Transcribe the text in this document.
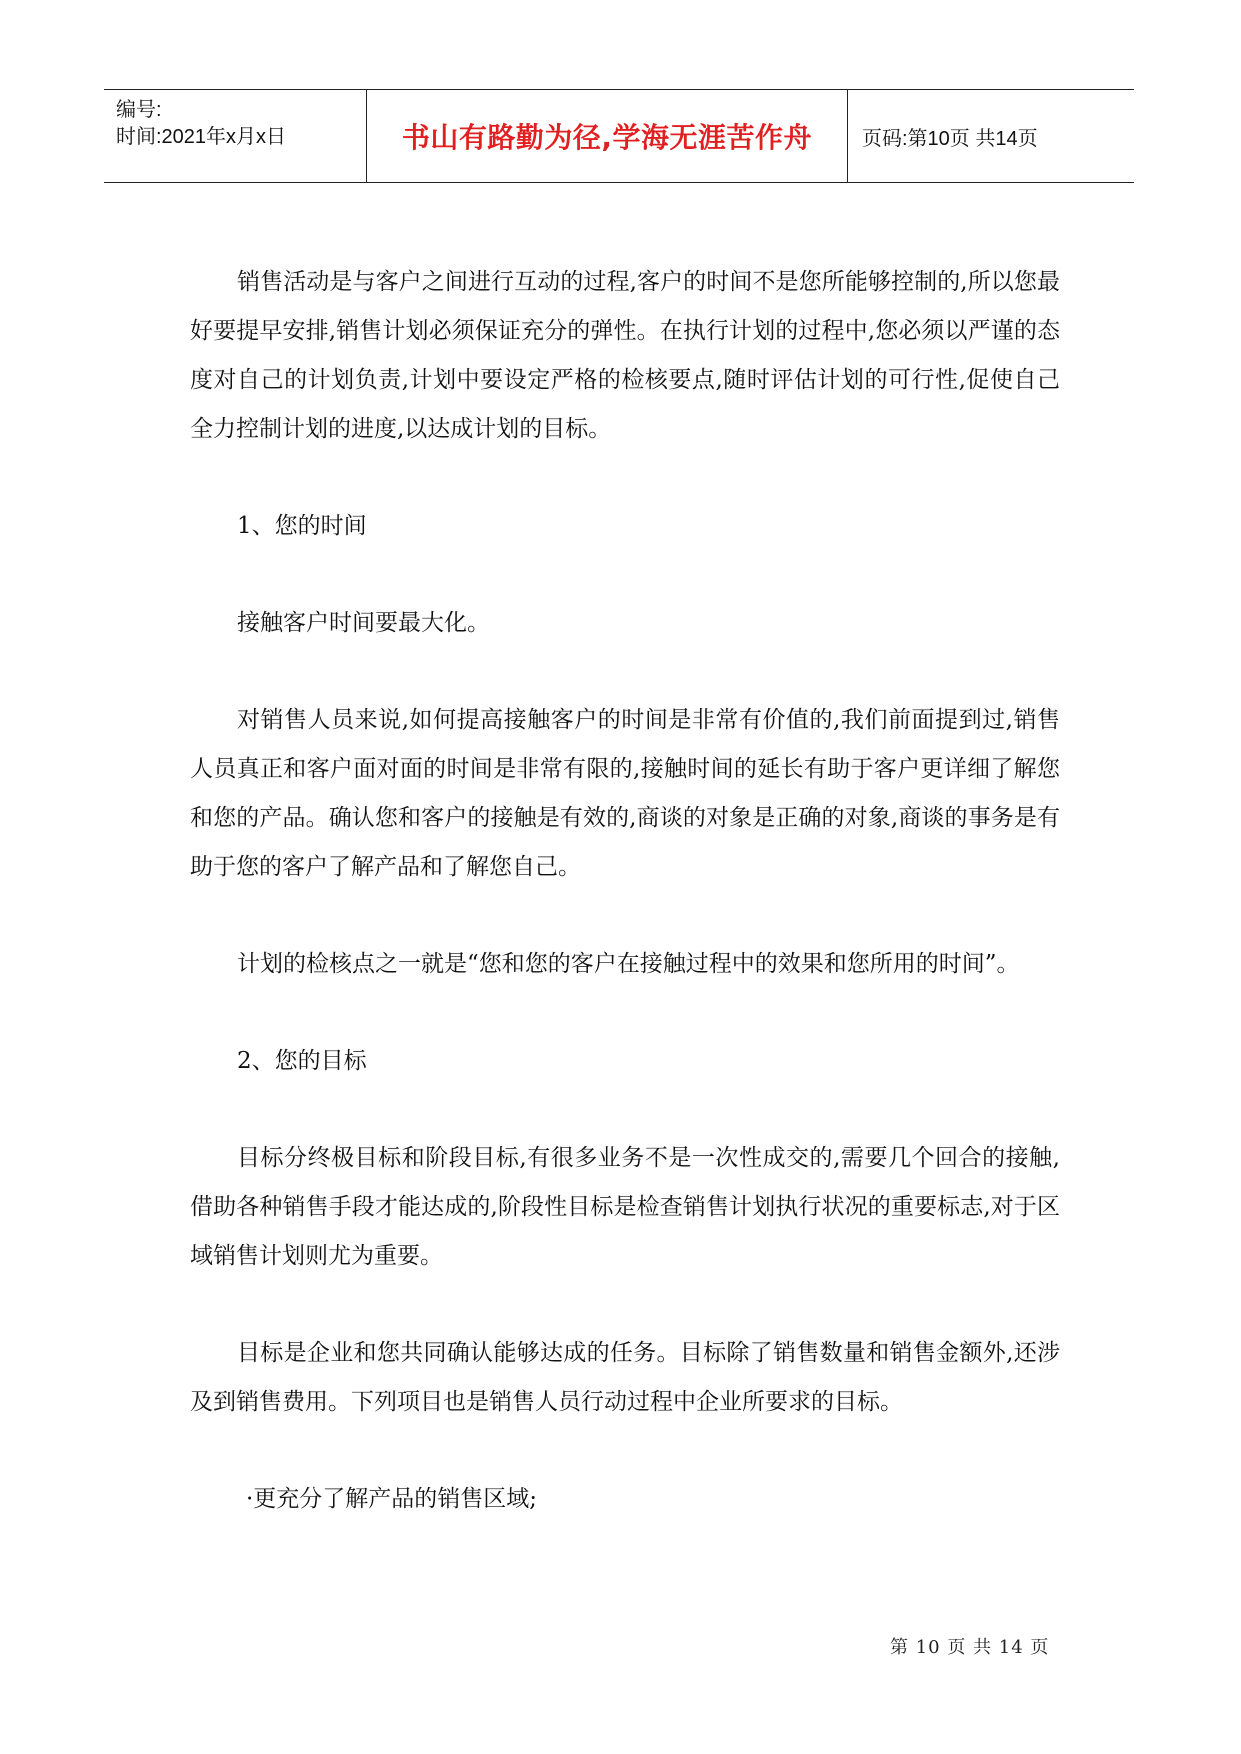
编号:
时间:2021年x月x日	书山有路勤为径,学海无涯苦作舟 页码:第10页 共14页

销售活动是与客户之间进行互动的过程,客户的时间不是您所能够控制的,所以您最好要提早安排,销售计划必须保证充分的弹性。在执行计划的过程中,您必须以严谨的态度对自己的计划负责,计划中要设定严格的检核要点,随时评估计划的可行性,促使自己全力控制计划的进度,以达成计划的目标。

1、您的时间

接触客户时间要最大化。

对销售人员来说,如何提高接触客户的时间是非常有价值的,我们前面提到过,销售人员真正和客户面对面的时间是非常有限的,接触时间的延长有助于客户更详细了解您和您的产品。确认您和客户的接触是有效的,商谈的对象是正确的对象,商谈的事务是有助于您的客户了解产品和了解您自己。

计划的检核点之一就是“您和您的客户在接触过程中的效果和您所用的时间”。

2、您的目标

目标分终极目标和阶段目标,有很多业务不是一次性成交的,需要几个回合的接触,借助各种销售手段才能达成的,阶段性目标是检查销售计划执行状况的重要标志,对于区域销售计划则尤为重要。

目标是企业和您共同确认能够达成的任务。目标除了销售数量和销售金额外,还涉及到销售费用。下列项目也是销售人员行动过程中企业所要求的目标。

·更充分了解产品的销售区域;

第 10 页 共 14 页
